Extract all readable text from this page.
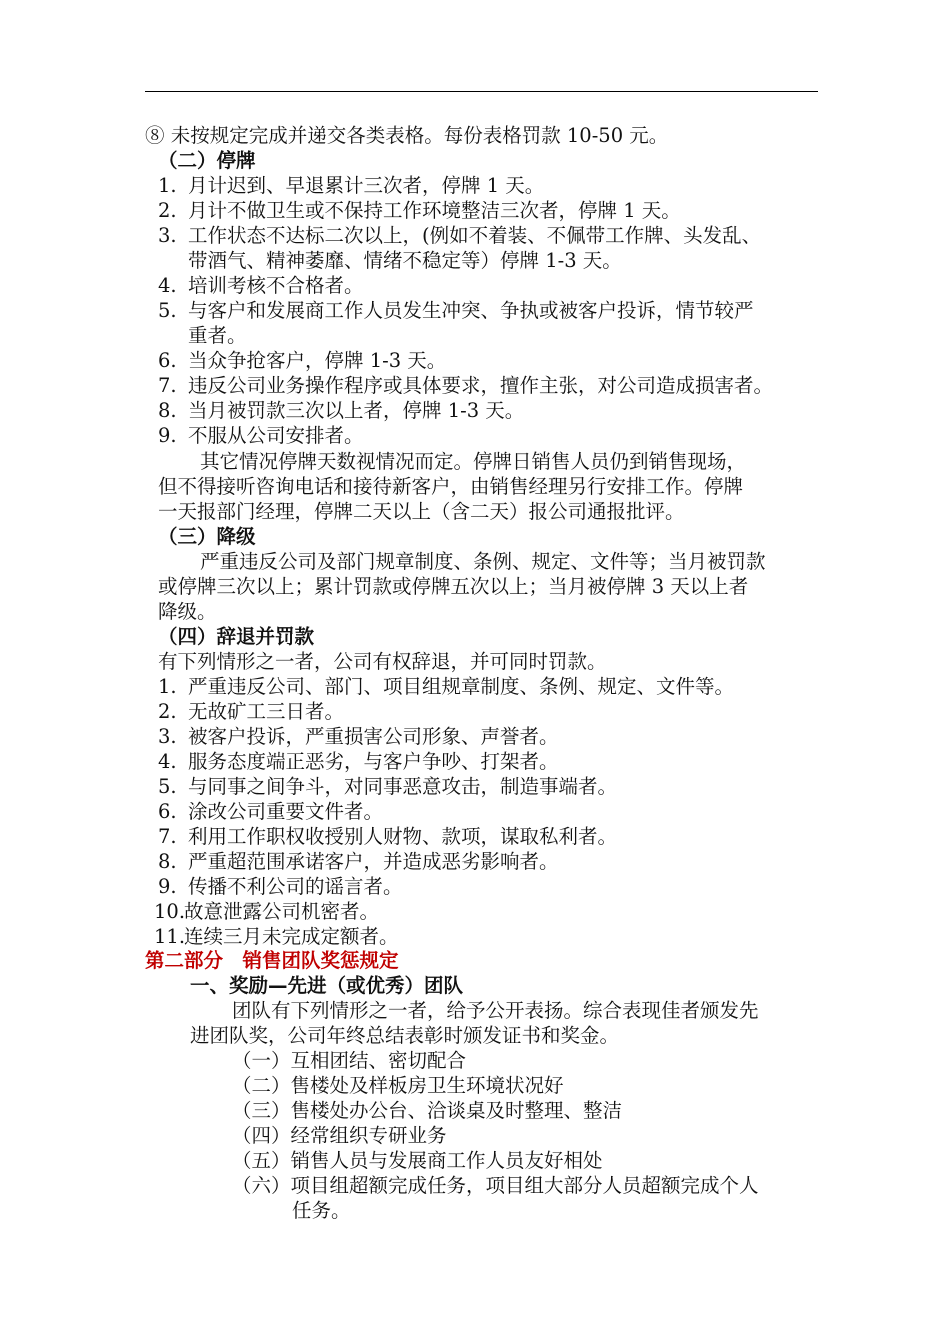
⑧ 未按规定完成并递交各类表格。每份表格罚款 10-50 元。
（二）停牌
1. 月计迟到、早退累计三次者，停牌 1 天。
2. 月计不做卫生或不保持工作环境整洁三次者，停牌 1 天。
3. 工作状态不达标二次以上，(例如不着装、不佩带工作牌、头发乱、
带酒气、精神萎靡、情绪不稳定等）停牌 1-3 天。
4. 培训考核不合格者。
5. 与客户和发展商工作人员发生冲突、争执或被客户投诉，情节较严
重者。
6. 当众争抢客户，停牌 1-3 天。
7. 违反公司业务操作程序或具体要求，擅作主张，对公司造成损害者。
8. 当月被罚款三次以上者，停牌 1-3 天。
9. 不服从公司安排者。
其它情况停牌天数视情况而定。停牌日销售人员仍到销售现场，
但不得接听咨询电话和接待新客户，由销售经理另行安排工作。停牌
一天报部门经理，停牌二天以上（含二天）报公司通报批评。
（三）降级
严重违反公司及部门规章制度、条例、规定、文件等；当月被罚款
或停牌三次以上；累计罚款或停牌五次以上；当月被停牌 3 天以上者
降级。
（四）辞退并罚款
有下列情形之一者，公司有权辞退，并可同时罚款。
1. 严重违反公司、部门、项目组规章制度、条例、规定、文件等。
2. 无故矿工三日者。
3. 被客户投诉，严重损害公司形象、声誉者。
4. 服务态度端正恶劣，与客户争吵、打架者。
5. 与同事之间争斗，对同事恶意攻击，制造事端者。
6. 涂改公司重要文件者。
7. 利用工作职权收授别人财物、款项，谋取私利者。
8. 严重超范围承诺客户，并造成恶劣影响者。
9. 传播不利公司的谣言者。
10.故意泄露公司机密者。
11.连续三月未完成定额者。
第二部分　销售团队奖惩规定
一、奖励—先进（或优秀）团队
团队有下列情形之一者，给予公开表扬。综合表现佳者颁发先
进团队奖，公司年终总结表彰时颁发证书和奖金。
（一）互相团结、密切配合
（二）售楼处及样板房卫生环境状况好
（三）售楼处办公台、洽谈桌及时整理、整洁
（四）经常组织专研业务
（五）销售人员与发展商工作人员友好相处
（六）项目组超额完成任务，项目组大部分人员超额完成个人
任务。
